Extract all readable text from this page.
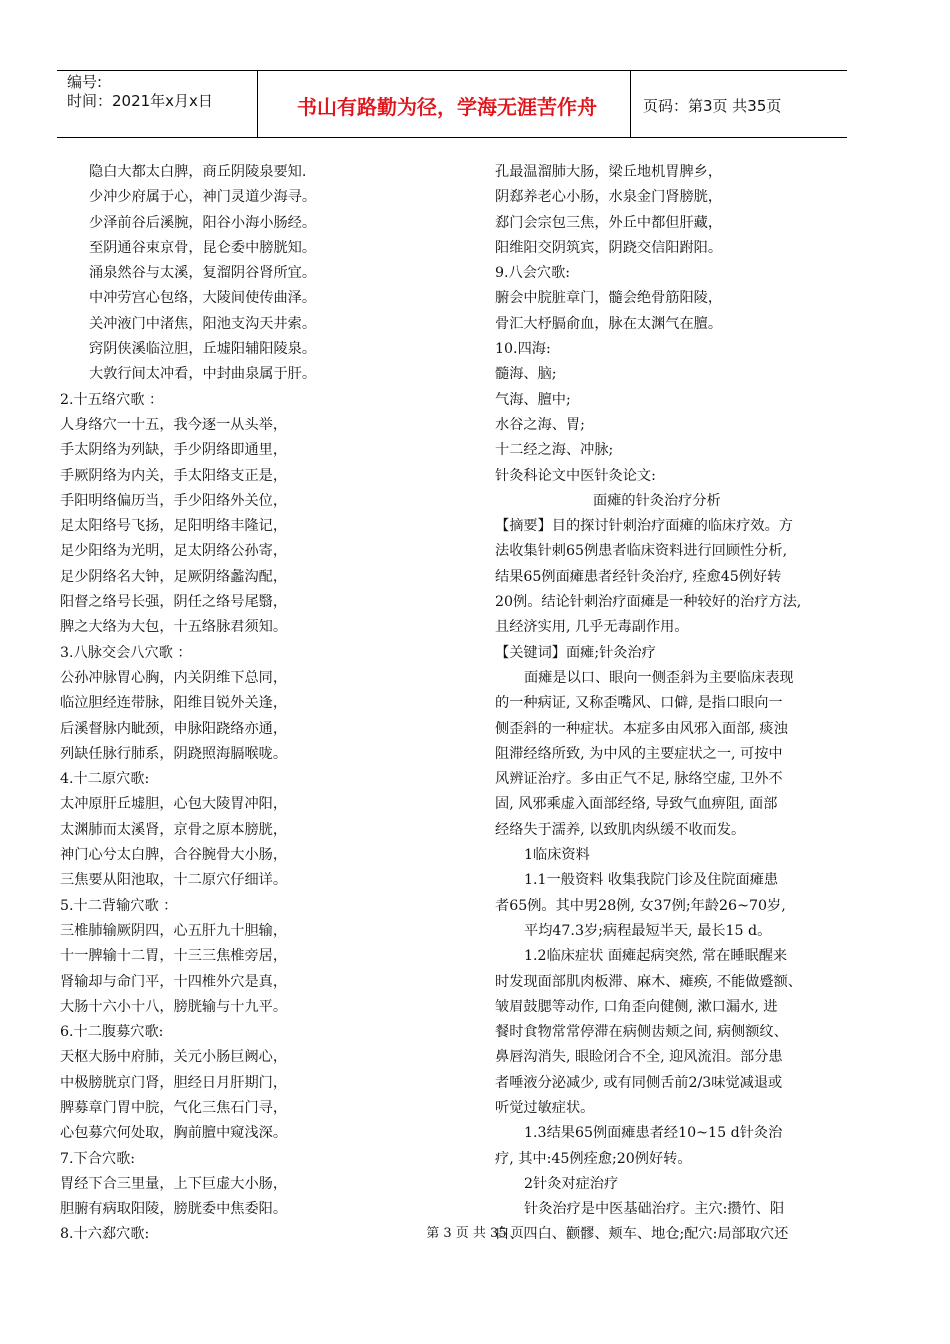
编号:
时间：2021年x月x日	书山有路勤为径，学海无涯苦作舟	页码：第3页 共35页
隐白大都太白脾，商丘阴陵泉要知.
少冲少府属于心，神门灵道少海寻。
少泽前谷后溪腕，阳谷小海小肠经。
至阴通谷束京骨，昆仑委中膀胱知。
涌泉然谷与太溪，复溜阴谷肾所宜。
中冲劳宫心包络，大陵间使传曲泽。
关冲液门中渚焦，阳池支沟天井索。
窍阴侠溪临泣胆，丘墟阳辅阳陵泉。
大敦行间太冲看，中封曲泉属于肝。
2.十五络穴歌 ：
人身络穴一十五，我今逐一从头举，
手太阴络为列缺，手少阴络即通里，
手厥阴络为内关，手太阳络支正是，
手阳明络偏历当，手少阳络外关位，
足太阳络号飞扬，足阳明络丰隆记，
足少阳络为光明，足太阴络公孙寄，
足少阴络名大钟，足厥阴络蠡沟配，
阳督之络号长强，阴任之络号尾翳，
脾之大络为大包，十五络脉君须知。
3.八脉交会八穴歌 ：
公孙冲脉胃心胸，内关阴维下总同，
临泣胆经连带脉，阳维目锐外关逢，
后溪督脉内眦颈，申脉阳跷络亦通，
列缺任脉行肺系，阴跷照海膈喉咙。
4.十二原穴歌:
太冲原肝丘墟胆，心包大陵胃冲阳，
太渊肺而太溪肾，京骨之原本膀胱，
神门心兮太白脾，合谷腕骨大小肠，
三焦要从阳池取，十二原穴仔细详。
5.十二背输穴歌 ：
三椎肺输厥阴四，心五肝九十胆输，
十一脾输十二胃，十三三焦椎旁居，
肾输却与命门平，十四椎外穴是真，
大肠十六小十八，膀胱输与十九平。
6.十二腹募穴歌:
天枢大肠中府肺，关元小肠巨阙心，
中极膀胱京门肾，胆经日月肝期门，
脾募章门胃中脘，气化三焦石门寻，
心包募穴何处取，胸前膻中窥浅深。
7.下合穴歌:
胃经下合三里量，上下巨虚大小肠，
胆腑有病取阳陵，膀胱委中焦委阳。
8.十六郄穴歌:
孔最温溜肺大肠，梁丘地机胃脾乡，
阴郄养老心小肠，水泉金门肾膀胱，
郄门会宗包三焦，外丘中都但肝藏，
阳维阳交阴筑宾，阴跷交信阳跗阳。
9.八会穴歌:
腑会中脘脏章门，髓会绝骨筋阳陵，
骨汇大杼膈俞血，脉在太渊气在膻。
10.四海:
髓海、脑;
气海、膻中;
水谷之海、胃;
十二经之海、冲脉;
针灸科论文中医针灸论文:
面瘫的针灸治疗分析
【摘要】目的探讨针刺治疗面瘫的临床疗效。方
法收集针刺65例患者临床资料进行回顾性分析,
结果65例面瘫患者经针灸治疗, 痊愈45例好转
20例。结论针刺治疗面瘫是一种较好的治疗方法,
且经济实用, 几乎无毒副作用。
【关键词】面瘫;针灸治疗
面瘫是以口、眼向一侧歪斜为主要临床表现
的一种病证, 又称歪嘴风、口僻, 是指口眼向一
侧歪斜的一种症状。本症多由风邪入面部, 痰浊
阻滞经络所致, 为中风的主要症状之一, 可按中
风辨证治疗。多由正气不足, 脉络空虚, 卫外不
固, 风邪乘虚入面部经络, 导致气血痹阻, 面部
经络失于濡养, 以致肌肉纵缓不收而发。
1临床资料
1.1一般资料 收集我院门诊及住院面瘫患
者65例。其中男28例, 女37例;年龄26~70岁,
平均47.3岁;病程最短半天, 最长15 d。
1.2临床症状 面瘫起病突然, 常在睡眠醒来
时发现面部肌肉板滞、麻木、瘫痪, 不能做蹙额、
皱眉鼓腮等动作, 口角歪向健侧, 漱口漏水, 进
餐时食物常常停滞在病侧齿颊之间, 病侧额纹、
鼻唇沟消失, 眼睑闭合不全, 迎风流泪。部分患
者唾液分泌减少, 或有同侧舌前2/3味觉减退或
听觉过敏症状。
1.3结果65例面瘫患者经10~15 d针灸治
疗, 其中:45例痊愈;20例好转。
2针灸对症治疗
针灸治疗是中医基础治疗。主穴:攒竹、阳
白、四白、颧髎、颊车、地仓;配穴:局部取穴还
第 3 页 共 35 页
